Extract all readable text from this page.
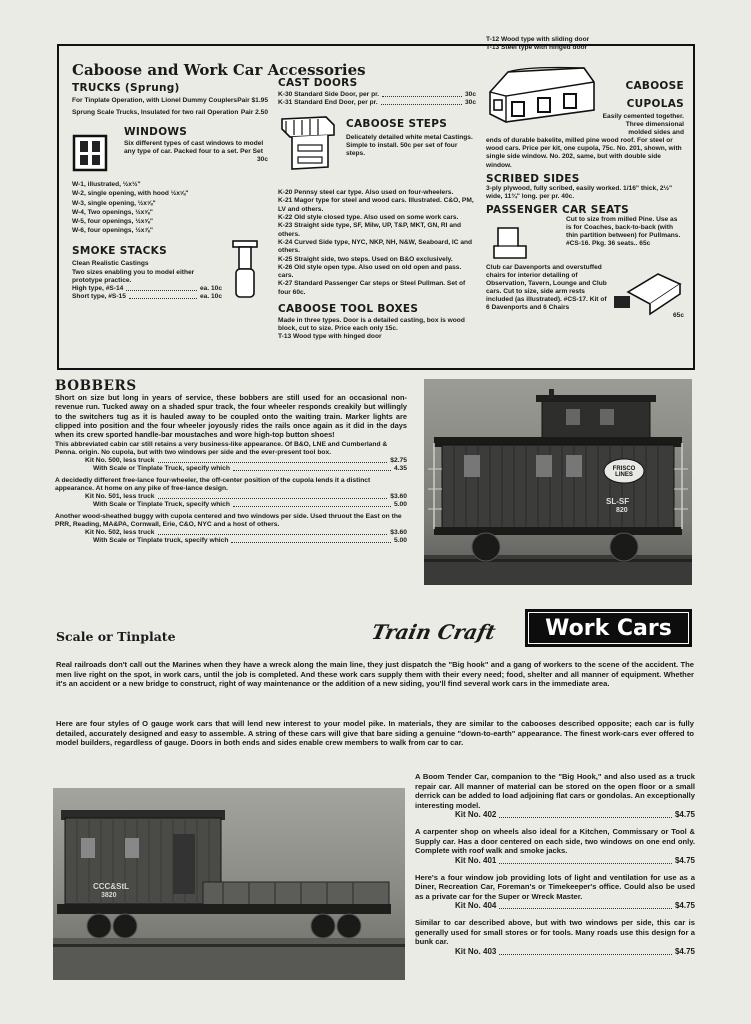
T-12 Wood type with sliding door
T-13 Steel type with hinged door
Caboose and Work Car Accessories
TRUCKS (Sprung)
For Tinplate Operation, with Lionel Dummy Couplers Pair $1.95
Sprung Scale Trucks, Insulated for two rail Operation Pair 2.50
WINDOWS
Six different types of cast windows to model any type of car. Packed four to a set. Per Set
30c
W-1, illustrated, ½x½"
W-2, single opening, with hood ½x⅝"
W-3, single opening, ½x⅝"
W-4, Two openings, ½x⅝"
W-5, four openings, ½x⅝"
W-6, four openings, ½x⅞"
SMOKE STACKS
Clean Realistic Castings
Two sizes enabling you to model either prototype practice.
High type, #S-14	ea. 10c
Short type, #S-15	ea. 10c
CAST DOORS
K-30 Standard Side Door, per pr.	30c
K-31 Standard End Door, per pr.	30c
CABOOSE STEPS
Delicately detailed white metal Castings. Simple to install. 50c per set of four steps.
K-20 Pennsy steel car type. Also used on four-wheelers.
K-21 Magor type for steel and wood cars. Illustrated. C&O, PM, LV and others.
K-22 Old style closed type. Also used on some work cars.
K-23 Straight side type, SF, Milw, UP, T&P, MKT, GN, RI and others.
K-24 Curved Side type, NYC, NKP, NH, N&W, Seaboard, IC and others.
K-25 Straight side, two steps. Used on B&O exclusively.
K-26 Old style open type. Also used on old open and pass. cars.
K-27 Standard Passenger Car steps or Steel Pullman. Set of four 60c.
CABOOSE TOOL BOXES
Made in three types. Door is a detailed casting, box is wood block, cut to size. Price each only 15c.
T-13 Wood type with hinged door
CABOOSE
CUPOLAS
Easily cemented together. Three dimensional molded sides and
ends of durable bakelite, milled pine wood roof. For steel or wood cars. Price per kit, one cupola, 75c. No. 201, shown, with single side window. No. 202, same, but with double side window.
SCRIBED SIDES
3-ply plywood, fully scribed, easily worked. 1/16" thick, 2½" wide, 11¾" long. per pr. 40c.
PASSENGER CAR SEATS
Cut to size from milled Pine. Use as is for Coaches, back-to-back (with thin partition between) for Pullmans. #CS-16. Pkg. 36 seats.. 65c
Club car Davenports and overstuffed chairs for interior detailing of Observation, Tavern, Lounge and Club cars. Cut to size, side arm rests included (as illustrated). #CS-17. Kit of 6 Davenports and 6 Chairs
65c
BOBBERS
Short on size but long in years of service, these bobbers are still used for an occasional non-revenue run. Tucked away on a shaded spur track, the four wheeler responds creakily but willingly to the switchers tug as it is hauled away to be coupled onto the waiting train. Marker lights are clipped into position and the four wheeler joyously rides the rails once again as it did in the days when its crew sported handle-bar moustaches and wore high-top button shoes!
This abbreviated cabin car still retains a very business-like appearance. Of B&O, LNE and Cumberland & Penna. origin. No cupola, but with two windows per side and the ever-present tool box.
Kit No. 500, less truck	$2.75
With Scale or Tinplate Truck, specify which	4.35
A decidedly different free-lance four-wheeler, the off-center position of the cupola lends it a distinct appearance. At home on any pike of free-lance design.
Kit No. 501, less truck	$3.60
With Scale or Tinplate Truck, specify which	5.00
Another wood-sheathed buggy with cupola centered and two windows per side. Used thruout the East on the PRR, Reading, MA&PA, Cornwall, Erie, C&O, NYC and a host of others.
Kit No. 502, less truck	$3.60
With Scale or Tinplate truck, specify which	5.00
FRISCO LINES
SL-SF
820
Scale or Tinplate	Train Craft Work Cars
Real railroads don't call out the Marines when they have a wreck along the main line, they just dispatch the "Big hook" and a gang of workers to the scene of the accident. The men live right on the spot, in work cars, until the job is completed. And these work cars supply them with their every need; food, shelter and all manner of equipment. Whether it's an accident or a new bridge to construct, right of way maintenance or the addition of a new siding, you'll find several work cars in the immediate area.
Here are four styles of O gauge work cars that will lend new interest to your model pike. In materials, they are similar to the cabooses described opposite; each car is fully detailed, accurately designed and easy to assemble. A string of these cars will give that bare siding a genuine "down-to-earth" appearance. The finest work-cars ever offered to model builders, regardless of gauge. Doors in both ends and sides enable crew members to walk from car to car.
CCC&StL
3820
A Boom Tender Car, companion to the "Big Hook," and also used as a truck repair car. All manner of material can be stored on the open floor or a small derrick can be added to load adjoining flat cars or gondolas. An exceptionally interesting model.
Kit No. 402	$4.75
A carpenter shop on wheels also ideal for a Kitchen, Commissary or Tool & Supply car. Has a door centered on each side, two windows on one end only. Complete with roof walk and smoke jacks.
Kit No. 401	$4.75
Here's a four window job providing lots of light and ventilation for use as a Diner, Recreation Car, Foreman's or Timekeeper's office. Could also be used as a private car for the Super or Wreck Master.
Kit No. 404	$4.75
Similar to car described above, but with two windows per side, this car is generally used for small stores or for tools. Many roads use this design for a bunk car.
Kit No. 403	$4.75
